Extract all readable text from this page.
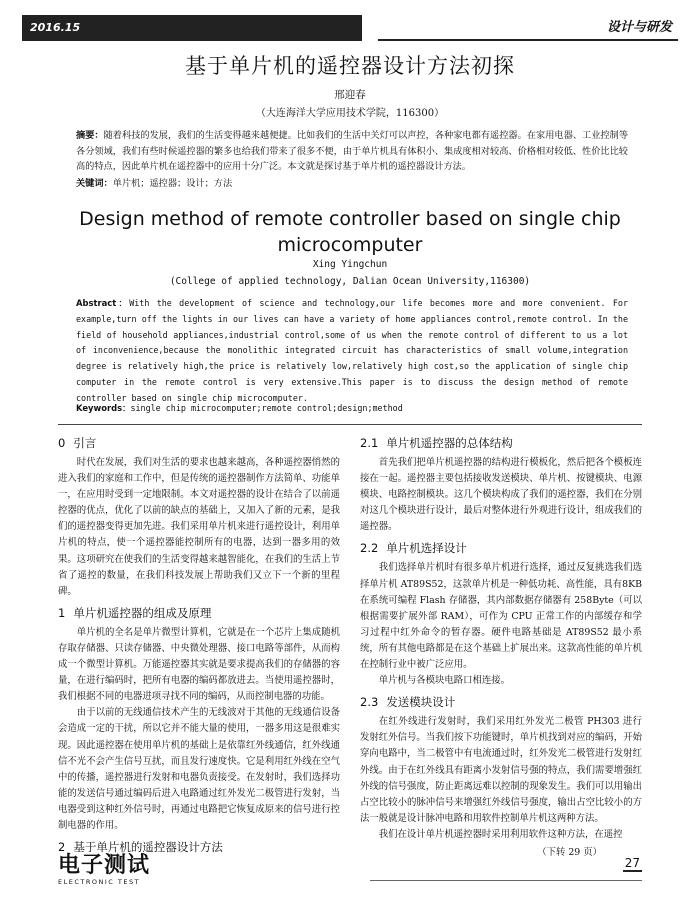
2016.15	设计与研发
基于单片机的遥控器设计方法初探
邢迎春
（大连海洋大学应用技术学院，116300）
摘要：随着科技的发展，我们的生活变得越来越便捷。比如我们的生活中关灯可以声控，各种家电都有遥控器。在家用电器、工业控制等各分领域，我们有些时候遥控器的繁多也给我们带来了很多不便，由于单片机具有体积小、集成度相对较高、价格相对较低、性价比比较高的特点，因此单片机在遥控器中的应用十分广泛。本文就是探讨基于单片机的遥控器设计方法。
关键词：单片机；遥控器；设计；方法
Design method of remote controller based on single chip microcomputer
Xing Yingchun
(College of applied technology, Dalian Ocean University,116300)
Abstract：With the development of science and technology,our life becomes more and more convenient. For example,turn off the lights in our lives can have a variety of home appliances control,remote control. In the field of household appliances,industrial control,some of us when the remote control of different to us a lot of inconvenience,because the monolithic integrated circuit has characteristics of small volume,integration degree is relatively high,the price is relatively low,relatively high cost,so the application of single chip computer in the remote control is very extensive.This paper is to discuss the design method of remote controller based on single chip microcomputer.
Keywords：single chip microcomputer;remote control;design;method
0 引言

时代在发展，我们对生活的要求也越来越高，各种遥控器悄然的进入我们的家庭和工作中，但是传统的遥控器制作方法简单、功能单一，在应用时受到一定地限制。本文对遥控器的设计在结合了以前遥控器的优点，优化了以前的缺点的基础上，又加入了新的元素，是我们的遥控器变得更加先进。我们采用单片机来进行遥控设计，利用单片机的特点，使一个遥控器能控制所有的电器，达到一器多用的效果。这项研究在使我们的生活变得越来越智能化，在我们的生活上节省了遥控的数量，在我们科技发展上帮助我们又立下一个新的里程碑。

1 单片机遥控器的组成及原理

单片机的全名是单片微型计算机，它就是在一个芯片上集成随机存取存储器、只读存储器、中央微处理器、接口电路等部件，从而构成一个微型计算机。万能遥控器其实就是要求提高我们的存储器的容量，在进行编码时，把所有电器的编码都放进去。当使用遥控器时，我们根据不同的电器进项寻找不同的编码，从而控制电器的功能。

由于以前的无线通信技术产生的无线波对于其他的无线通信设备会造成一定的干扰，所以它并不能大量的使用，一器多用这是很难实现。因此遥控器在使用单片机的基础上是依靠红外线通信，红外线通信不光不会产生信号互扰，而且发行速度快。它是利用红外线在空气中的传播，遥控器进行发射和电器负责接受。在发射时，我们选择功能的发送信号通过编码后进入电路通过红外发光二极管进行发射，当电器受到这种红外信号时，再通过电路把它恢复成原来的信号进行控制电器的作用。

2 基于单片机的遥控器设计方法
2.1 单片机遥控器的总体结构

首先我们把单片机遥控器的结构进行模板化，然后把各个模板连接在一起。遥控器主要包括接收发送模块、单片机、按键模块、电源模块、电路控制模块。这几个模块构成了我们的遥控器，我们在分别对这几个模块进行设计，最后对整体进行外观进行设计，组成我们的遥控器。

2.2 单片机选择设计

我们选择单片机时有很多单片机进行选择，通过反复挑选我们选择单片机 AT89S52，这款单片机是一种低功耗、高性能，具有8KB 在系统可编程 Flash 存储器，其内部数据存储器有 258Byte（可以根据需要扩展外部 RAM），可作为 CPU 正常工作的内部缓存和学习过程中红外命令的暂存器。硬件电路基础是 AT89S52 最小系统，所有其他电路都是在这个基础上扩展出来。这款高性能的单片机在控制行业中被广泛应用。

单片机与各模块电路口相连接。

2.3 发送模块设计

在红外线进行发射时，我们采用红外发光二极管 PH303 进行发射红外信号。当我们按下功能键时，单片机找到对应的编码，开始穿向电路中，当二极管中有电流通过时，红外发光二极管进行发射红外线。由于在红外线具有距离小发射信号强的特点，我们需要增强红外线的信号强度，防止距离远难以控制的现象发生。我们可以用输出占空比较小的脉冲信号来增强红外线信号强度，输出占空比较小的方法一般就是设计脉冲电路和用软件控制单片机这两种方法。

我们在设计单片机遥控器时采用利用软件这种方法，在遥控

（下转 29 页）
电子测试
ELECTRONIC TEST
27
